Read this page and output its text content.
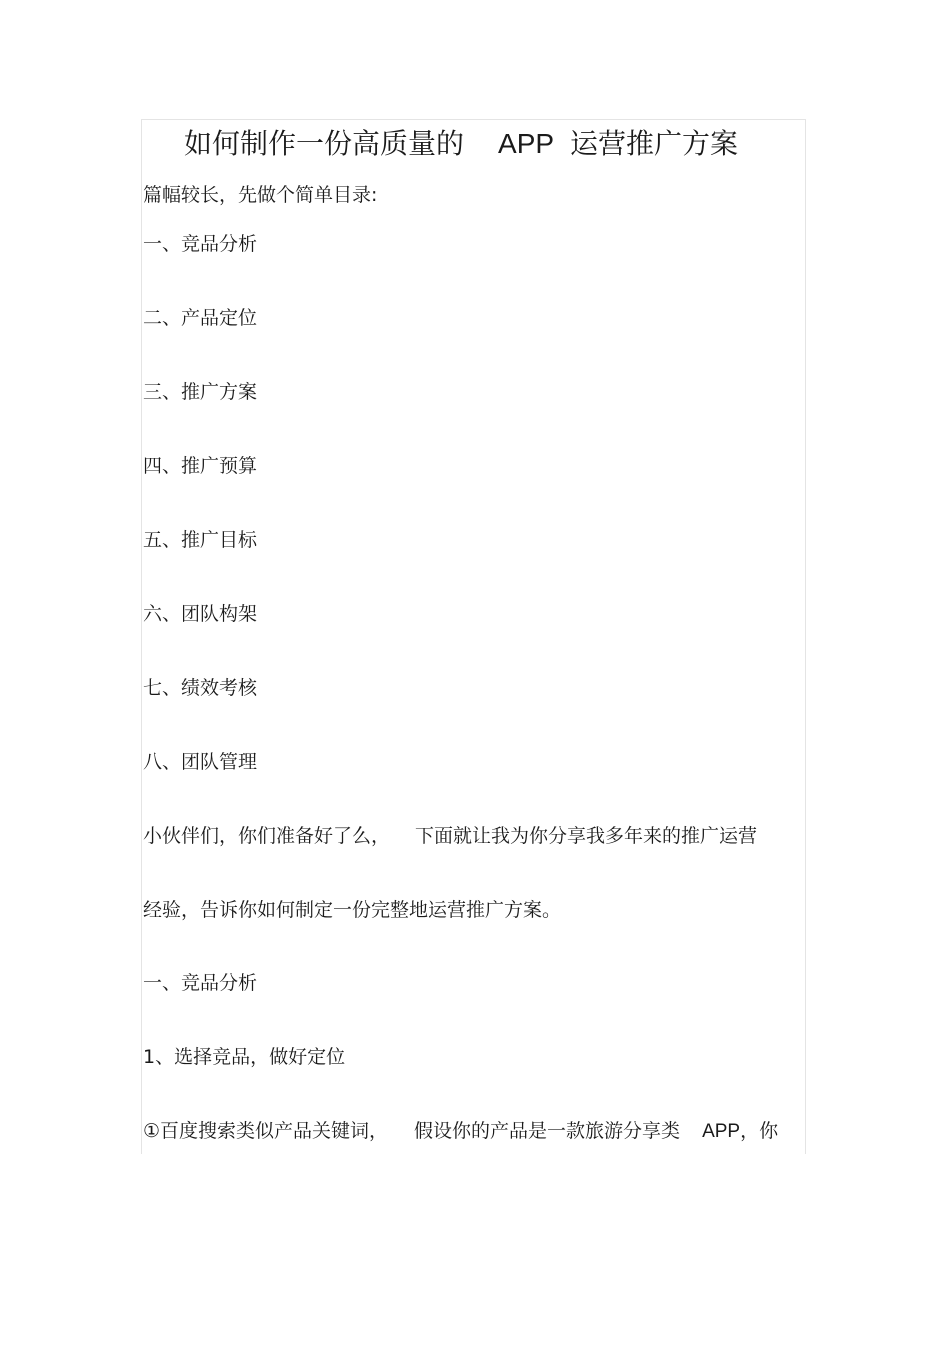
如何制作一份高质量的 APP 运营推广方案
篇幅较长，先做个简单目录:
一、竞品分析
二、产品定位
三、推广方案
四、推广预算
五、推广目标
六、团队构架
七、绩效考核
八、团队管理
小伙伴们，你们准备好了么， 下面就让我为你分享我多年来的推广运营
经验，告诉你如何制定一份完整地运营推广方案。
一、竞品分析
1、选择竞品，做好定位
①百度搜索类似产品关键词， 假设你的产品是一款旅游分享类 APP，你
